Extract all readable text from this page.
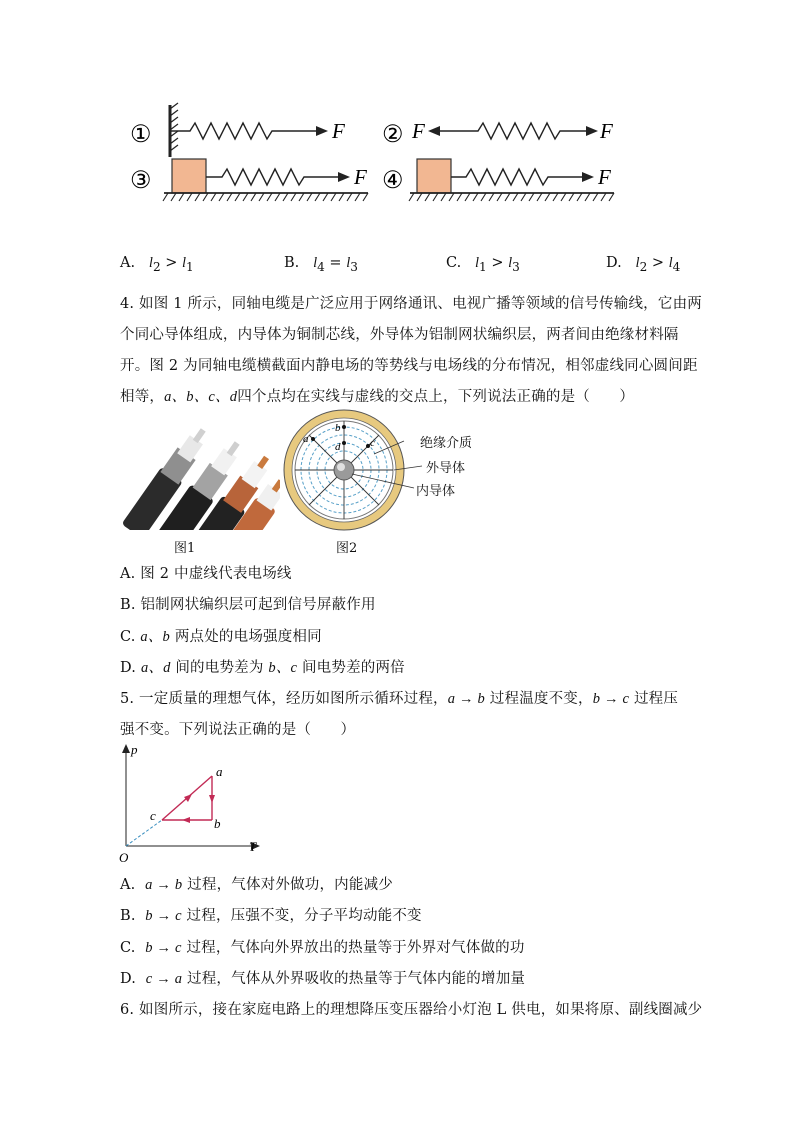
①	F ② F	F
③	F ④	F
A. $l_2 > l_1$	B. $l_4 = l_3$	C. $l_1 > l_3$	D. $l_2 > l_4$
4. 如图 1 所示，同轴电缆是广泛应用于网络通讯、电视广播等领域的信号传输线，它由两
个同心导体组成，内导体为铜制芯线，外导体为铝制网状编织层，两者间由绝缘材料隔
开。图 2 为同轴电缆横截面内静电场的等势线与电场线的分布情况，相邻虚线同心圆间距
相等，a、b、c、d四个点均在实线与虚线的交点上，下列说法正确的是（　　）
图1
a
b
c
d	绝缘介质
外导体
内导体
图2
A. 图 2 中虚线代表电场线
B. 铝制网状编织层可起到信号屏蔽作用
C. a、b 两点处的电场强度相同
D. a、d 间的电势差为 b、c 间电势差的两倍
5. 一定质量的理想气体，经历如图所示循环过程，a → b 过程温度不变，b → c 过程压
强不变。下列说法正确的是（　　）
p
T
O
a
b
c
A. a → b 过程，气体对外做功，内能减少
B. b → c 过程，压强不变，分子平均动能不变
C. b → c 过程，气体向外界放出的热量等于外界对气体做的功
D. c → a 过程，气体从外界吸收的热量等于气体内能的增加量
6. 如图所示，接在家庭电路上的理想降压变压器给小灯泡 L 供电，如果将原、副线圈减少
